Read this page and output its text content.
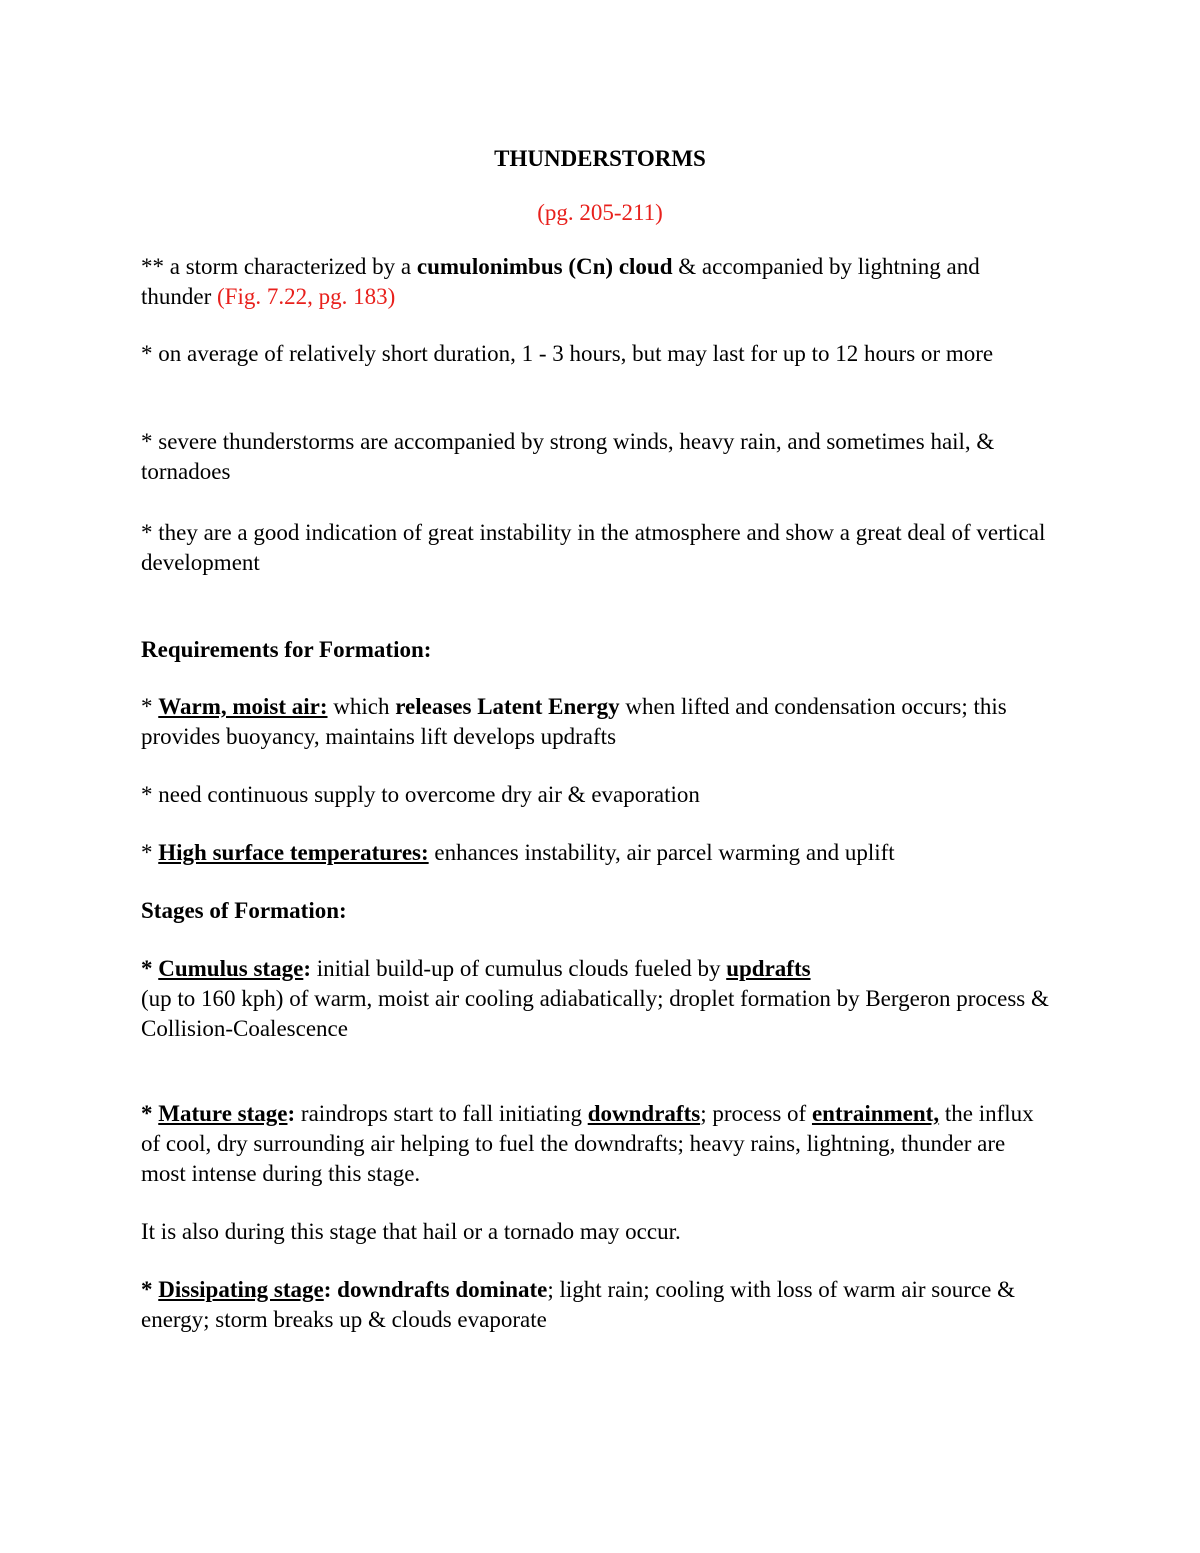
THUNDERSTORMS

(pg. 205-211)

** a storm characterized by a cumulonimbus (Cn) cloud & accompanied by lightning and thunder (Fig. 7.22, pg. 183)

* on average of relatively short duration, 1 - 3 hours, but may last for up to 12 hours or more

* severe thunderstorms are accompanied by strong winds, heavy rain, and sometimes hail, & tornadoes

* they are a good indication of great instability in the atmosphere and show a great deal of vertical development

Requirements for Formation:

* Warm, moist air: which releases Latent Energy when lifted and condensation occurs; this provides buoyancy, maintains lift develops updrafts

* need continuous supply to overcome dry air & evaporation

* High surface temperatures: enhances instability, air parcel warming and uplift

Stages of Formation:

* Cumulus stage: initial build-up of cumulus clouds fueled by updrafts
(up to 160 kph) of warm, moist air cooling adiabatically; droplet formation by Bergeron process & Collision-Coalescence

* Mature stage: raindrops start to fall initiating downdrafts; process of entrainment, the influx of cool, dry surrounding air helping to fuel the downdrafts; heavy rains, lightning, thunder are most intense during this stage.

It is also during this stage that hail or a tornado may occur.

* Dissipating stage: downdrafts dominate; light rain; cooling with loss of warm air source & energy; storm breaks up & clouds evaporate
